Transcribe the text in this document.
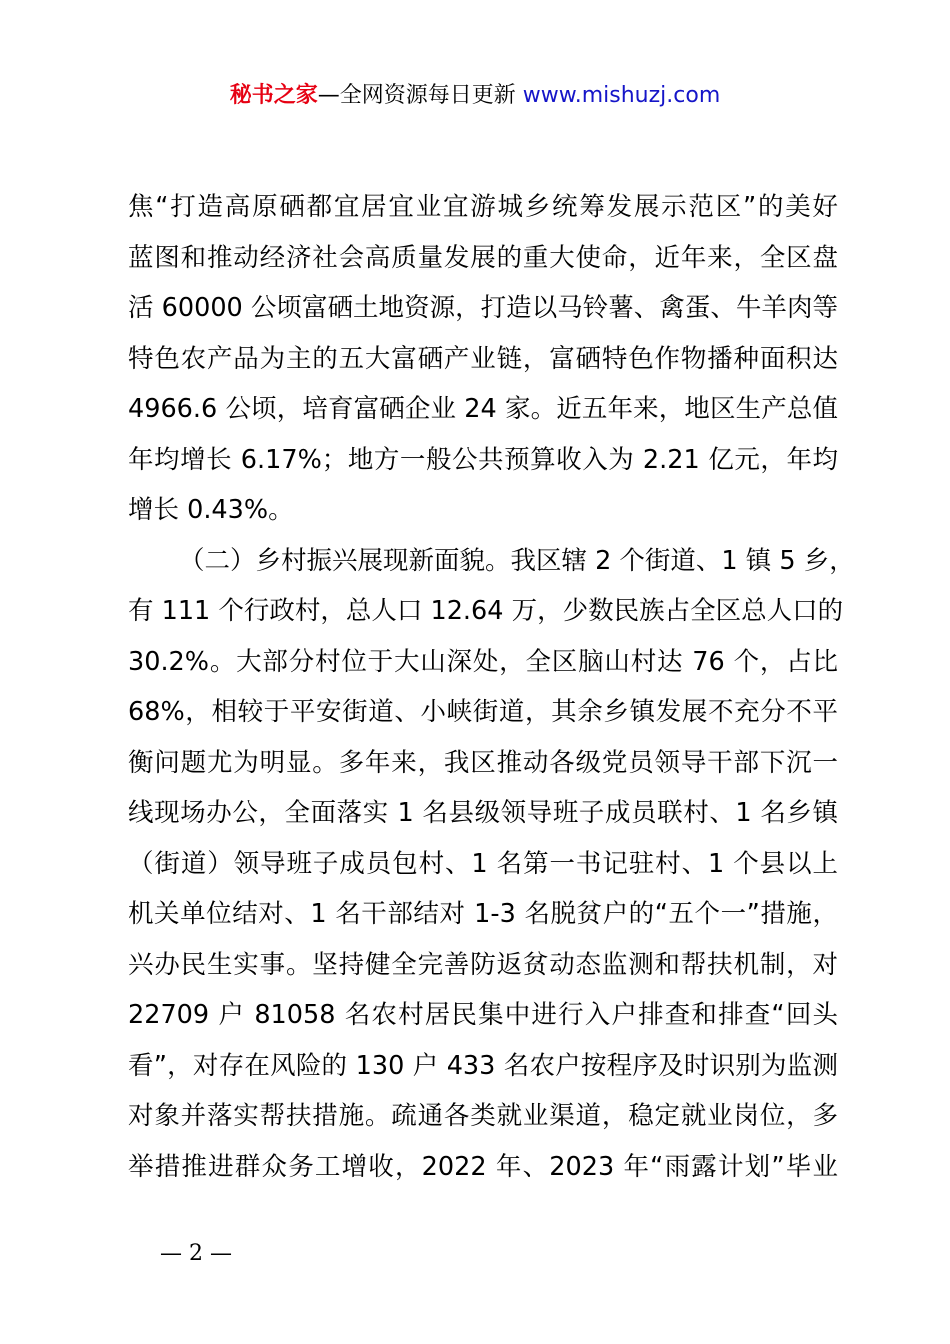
秘书之家—全网资源每日更新 www.mishuzj.com
焦“打造高原硒都宜居宜业宜游城乡统筹发展示范区”的美好
蓝图和推动经济社会高质量发展的重大使命，近年来，全区盘
活 60000 公顷富硒土地资源，打造以马铃薯、禽蛋、牛羊肉等
特色农产品为主的五大富硒产业链，富硒特色作物播种面积达
4966.6 公顷，培育富硒企业 24 家。近五年来，地区生产总值
年均增长 6.17%；地方一般公共预算收入为 2.21 亿元，年均
增长 0.43%。
（二）乡村振兴展现新面貌。我区辖 2 个街道、1 镇 5 乡，
有 111 个行政村，总人口 12.64 万，少数民族占全区总人口的
30.2%。大部分村位于大山深处，全区脑山村达 76 个，占比
68%，相较于平安街道、小峡街道，其余乡镇发展不充分不平
衡问题尤为明显。多年来，我区推动各级党员领导干部下沉一
线现场办公，全面落实 1 名县级领导班子成员联村、1 名乡镇
（街道）领导班子成员包村、1 名第一书记驻村、1 个县以上
机关单位结对、1 名干部结对 1-3 名脱贫户的“五个一”措施，
兴办民生实事。坚持健全完善防返贫动态监测和帮扶机制，对
22709 户 81058 名农村居民集中进行入户排查和排查“回头
看”，对存在风险的 130 户 433 名农户按程序及时识别为监测
对象并落实帮扶措施。疏通各类就业渠道，稳定就业岗位，多
举措推进群众务工增收，2022 年、2023 年“雨露计划”毕业
— 2 —
